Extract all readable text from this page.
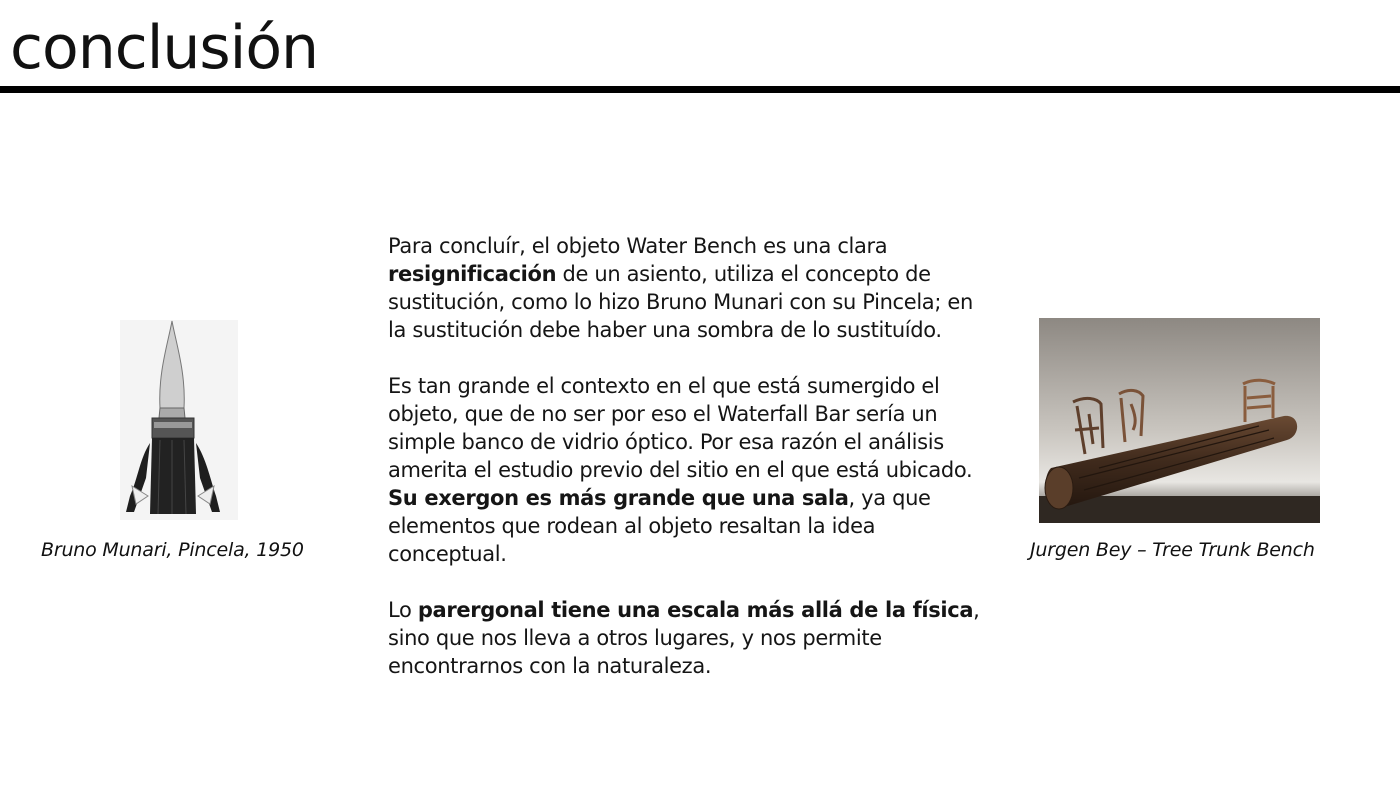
conclusión

Para concluír, el objeto Water Bench es una clara resignificación de un asiento, utiliza el concepto de sustitución, como lo hizo Bruno Munari con su Pincela; en la sustitución debe haber una sombra de lo sustituído.

Es tan grande el contexto en el que está sumergido el objeto, que de no ser por eso el Waterfall Bar sería un simple banco de vidrio óptico. Por esa razón el análisis amerita el estudio previo del sitio en el que está ubicado. Su exergon es más grande que una sala, ya que elementos que rodean al objeto resaltan la idea conceptual.

Lo parergonal tiene una escala más allá de la física, sino que nos lleva a otros lugares, y nos permite encontrarnos con la naturaleza.

Bruno Munari, Pincela, 1950	Jurgen Bey – Tree Trunk Bench
